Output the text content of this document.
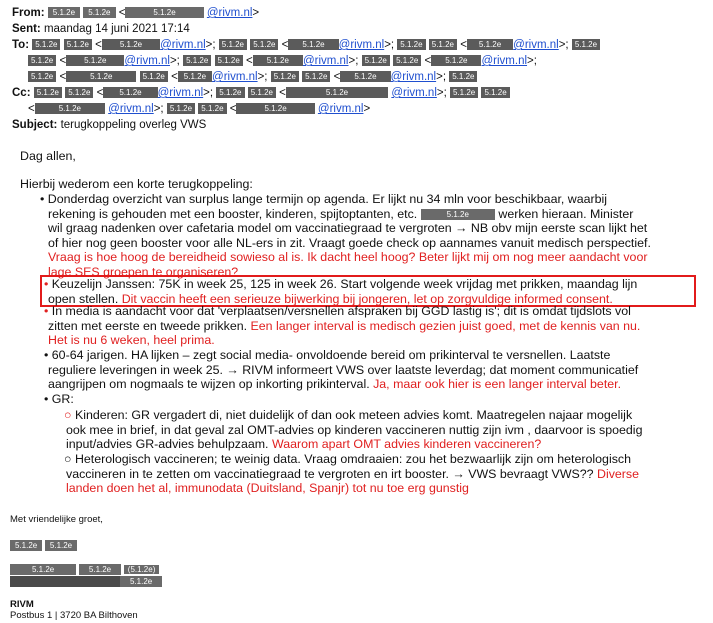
From: 5.1.2e 5.1.2e <	5.1.2e	@rivm.nl>
Sent: maandag 14 juni 2021 17:14
To: 5.1.2e 5.1.2e < 5.1.2e @rivm.nl>; 5.1.2e 5.1.2e < 5.1.2e @rivm.nl>; 5.1.2e 5.1.2e < 5.1.2e @rivm.nl>; 5.1.2e
5.1.2e < 5.1.2e @rivm.nl>; 5.1.2e 5.1.2e < 5.1.2e @rivm.nl>; 5.1.2e 5.1.2e < 5.1.2e @rivm.nl>;
5.1.2e <	5.1.2e	5.1.2e < 5.1.2e @rivm.nl>; 5.1.2e 5.1.2e < 5.1.2e @rivm.nl>; 5.1.2e
Cc: 5.1.2e 5.1.2e < 5.1.2e @rivm.nl>; 5.1.2e 5.1.2e <	5.1.2e	@rivm.nl>; 5.1.2e 5.1.2e
<	5.1.2e @rivm.nl>; 5.1.2e 5.1.2e <	5.1.2e	@rivm.nl>
Subject: terugkoppeling overleg VWS
Dag allen,
Hierbij wederom een korte terugkoppeling:
• Donderdag overzicht van surplus lange termijn op agenda. Er lijkt nu 34 mln voor beschikbaar, waarbij
rekening is gehouden met een booster, kinderen, spijtoptanten, etc.	5.1.2e werken hieraan. Minister
wil graag nadenken over cafetaria model om vaccinatiegraad te vergroten → NB obv mijn eerste scan lijkt het
of hier nog geen booster voor alle NL-ers in zit. Vraagt goede check op aannames vanuit medisch perspectief.
Vraag is hoe hoog de bereidheid sowieso al is. Ik dacht heel hoog? Beter lijkt mij om nog meer aandacht voor
lage SES groepen te organiseren?
• Keuzelijn Janssen: 75K in week 25, 125 in week 26. Start volgende week vrijdag met prikken, maandag lijn
open stellen. Dit vaccin heeft een serieuze bijwerking bij jongeren, let op zorgvuldige informed consent.
• In media is aandacht voor dat 'verplaatsen/versnellen afspraken bij GGD lastig is'; dit is omdat tijdslots vol
zitten met eerste en tweede prikken. Een langer interval is medisch gezien juist goed, met de kennis van nu.
Het is nu 6 weken, heel prima.
• 60-64 jarigen. HA lijken – zegt social media- onvoldoende bereid om prikinterval te versnellen. Laatste
reguliere leveringen in week 25. → RIVM informeert VWS over laatste leverdag; dat moment communicatief
aangrijpen om nogmaals te wijzen op inkorting prikinterval. Ja, maar ook hier is een langer interval beter.
• GR:
○ Kinderen: GR vergadert di, niet duidelijk of dan ook meteen advies komt. Maatregelen najaar mogelijk
ook mee in brief, in dat geval zal OMT-advies op kinderen vaccineren nuttig zijn ivm , daarvoor is spoedig
input/advies GR-advies behulpzaam. Waarom apart OMT advies kinderen vaccineren?
○ Heterologisch vaccineren; te weinig data. Vraag omdraaien: zou het bezwaarlijk zijn om heterologisch
vaccineren in te zetten om vaccinatiegraad te vergroten en irt booster. → VWS bevraagt VWS?? Diverse
landen doen het al, immunodata (Duitsland, Spanjr) tot nu toe erg gunstig
Met vriendelijke groet,
5.1.2e 5.1.2e
5.1.2e	5.1.2e (5.1.2e)
5.1.2e
RIVM
Postbus 1 | 3720 BA Bilthoven
